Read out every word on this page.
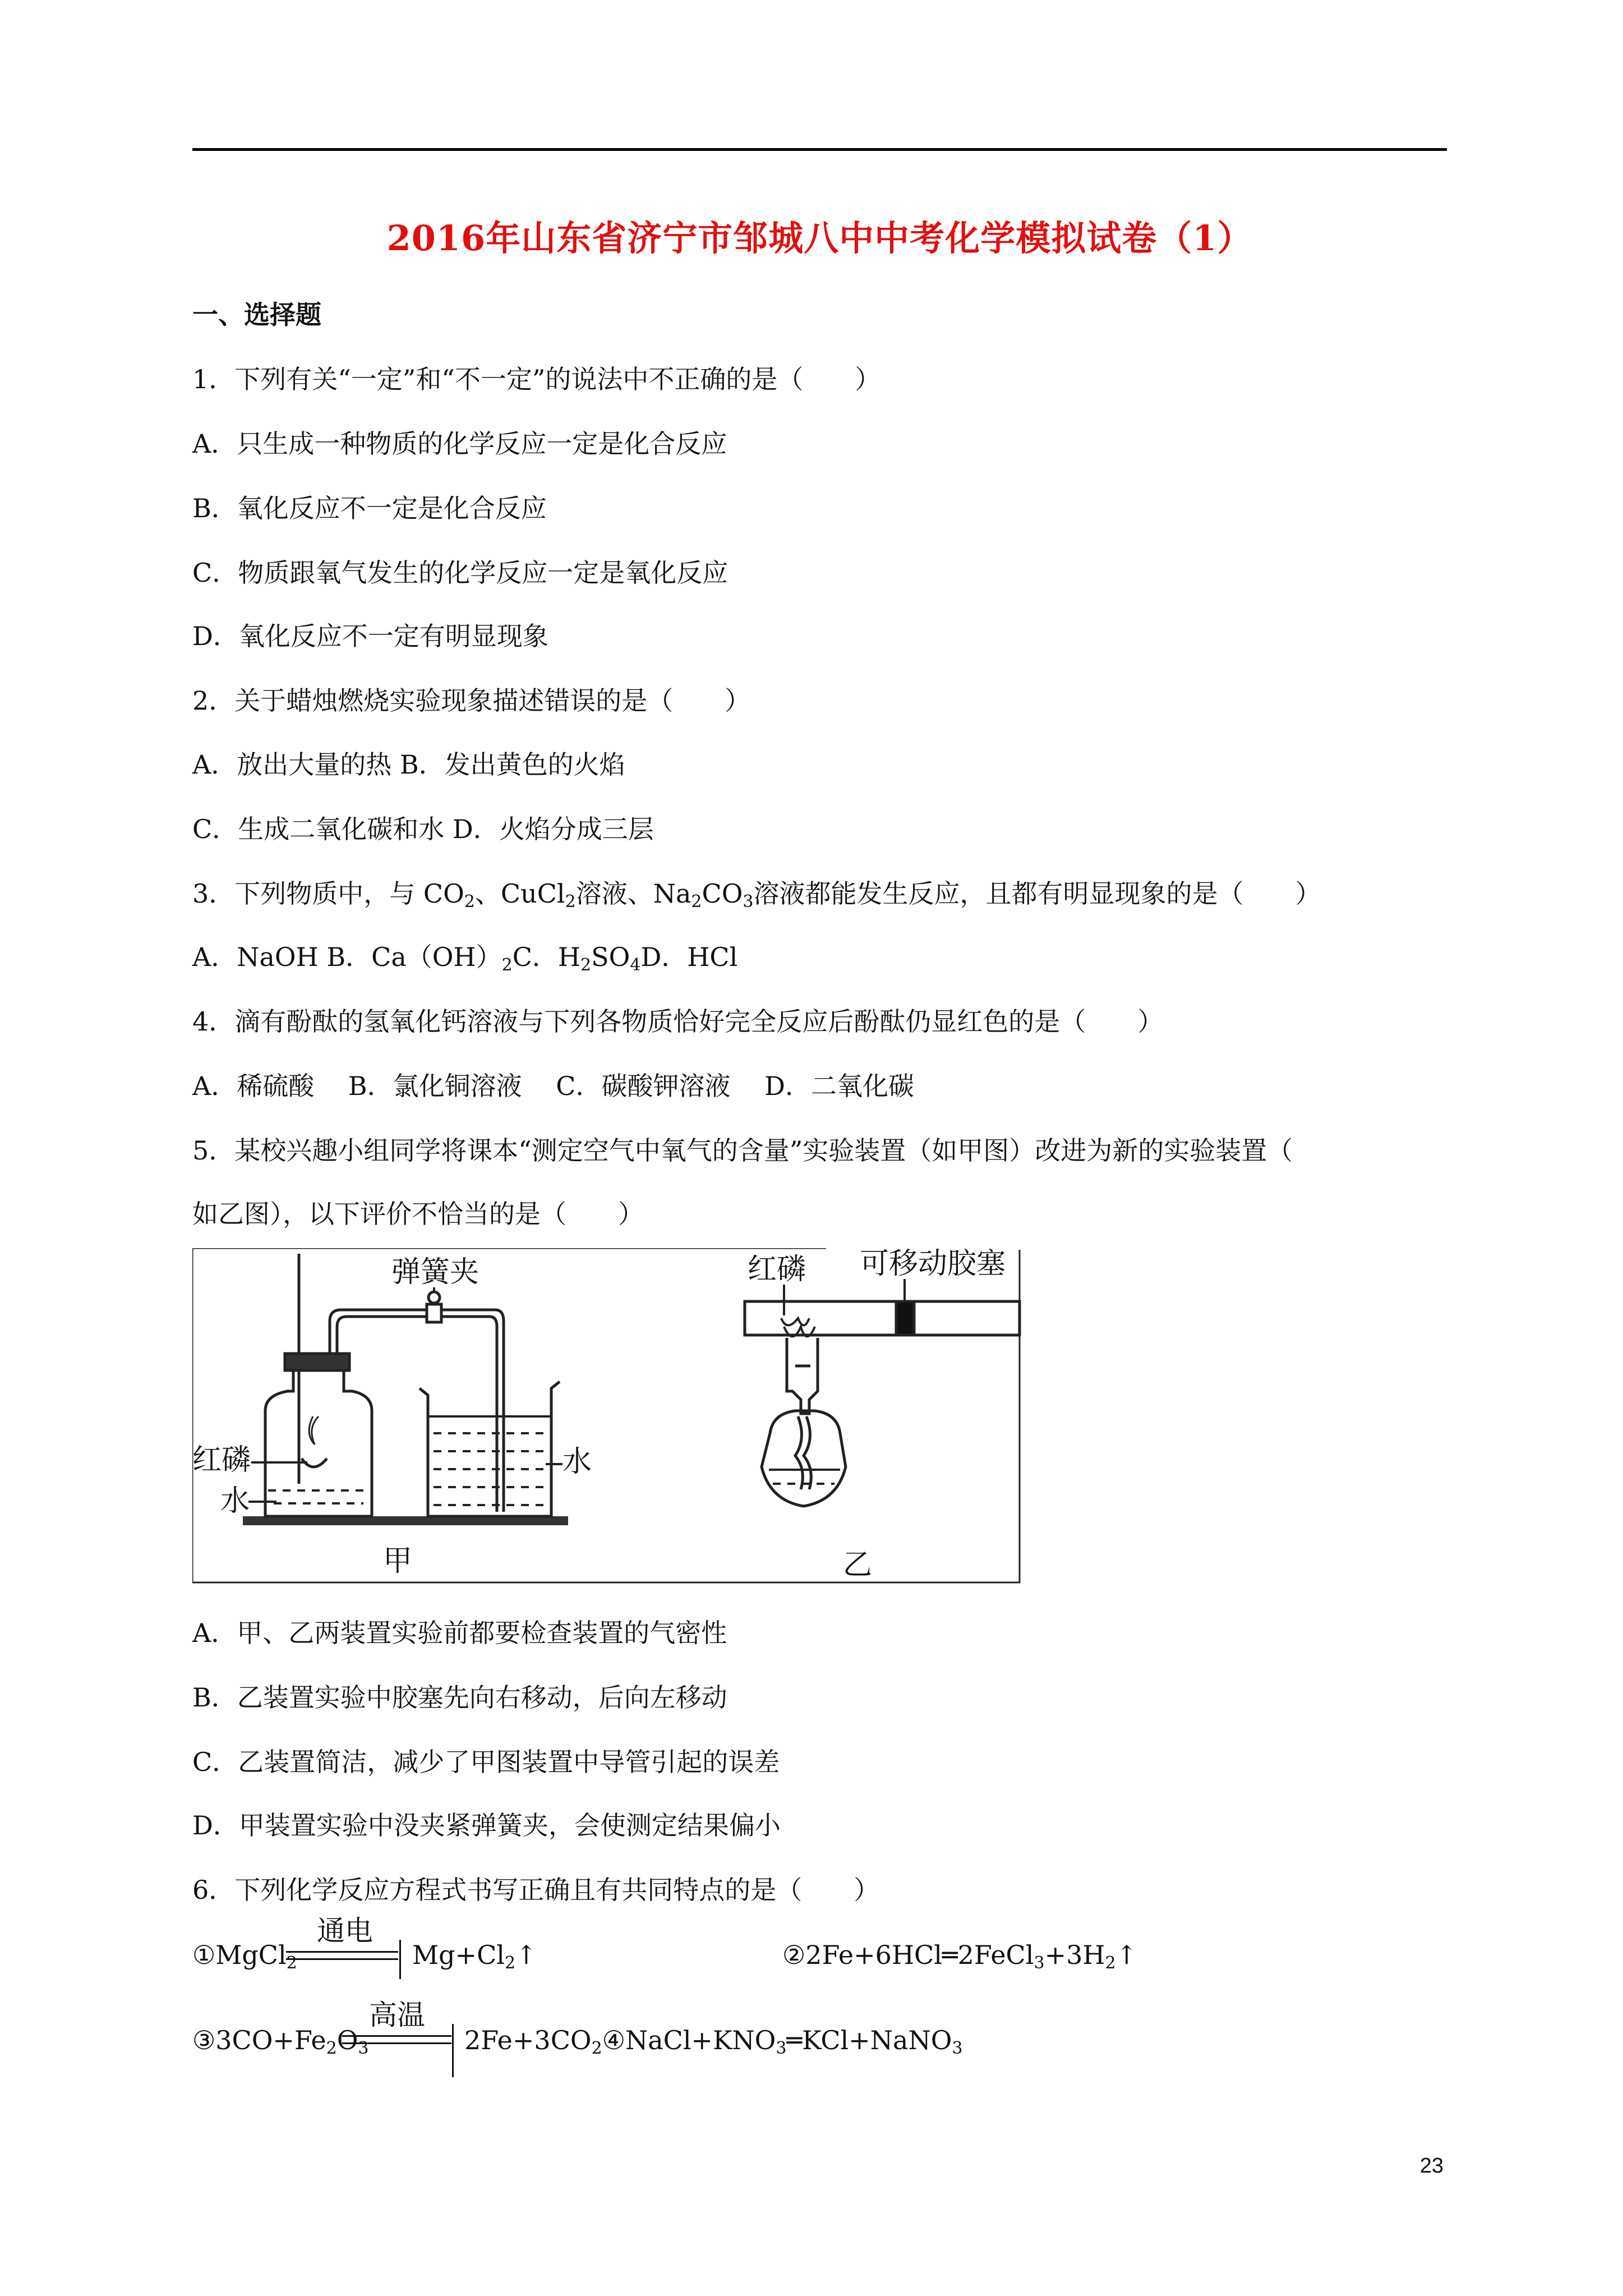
2016年山东省济宁市邹城八中中考化学模拟试卷（1）
一、选择题
1．下列有关“一定”和“不一定”的说法中不正确的是（　　）
A．只生成一种物质的化学反应一定是化合反应
B．氧化反应不一定是化合反应
C．物质跟氧气发生的化学反应一定是氧化反应
D．氧化反应不一定有明显现象
2．关于蜡烛燃烧实验现象描述错误的是（　　）
A．放出大量的热 B．发出黄色的火焰
C．生成二氧化碳和水 D．火焰分成三层
3．下列物质中，与 $CO_2$、CuCl$_2$溶液、$Na_2CO_3$溶液都能发生反应，且都有明显现象的是（　　）
A．NaOH B．$Ca(OH)_2C$．$H_2SO_4D$．HCl
4．滴有酚酞的氢氧化钙溶液与下列各物质恰好完全反应后酚酞仍显红色的是（　　）
A．稀硫酸　 B．氯化铜溶液　 C．碳酸钾溶液　 D．二氧化碳
5．某校兴趣小组同学将课本“测定空气中氧气的含量”实验装置（如甲图）改进为新的实验装置（
如乙图），以下评价不恰当的是（　　）
弹簧夹
红磷
水
水
甲
红磷 可移动胶塞
乙
A．甲、乙两装置实验前都要检查装置的气密性
B．乙装置实验中胶塞先向右移动，后向左移动
C．乙装置简洁，减少了甲图装置中导管引起的误差
D．甲装置实验中没夹紧弹簧夹，会使测定结果偏小
6．下列化学反应方程式书写正确且有共同特点的是（　　）
①MgCl$_2$
通电
$Mg+Cl_2↑$	$②2Fe+6HCl═2FeCl_3+3H_2↑$
$③3CO+Fe_2O_3$
高温
$2Fe+3CO_2④NaCl+KNO_3═KCl+NaNO_3$
23
